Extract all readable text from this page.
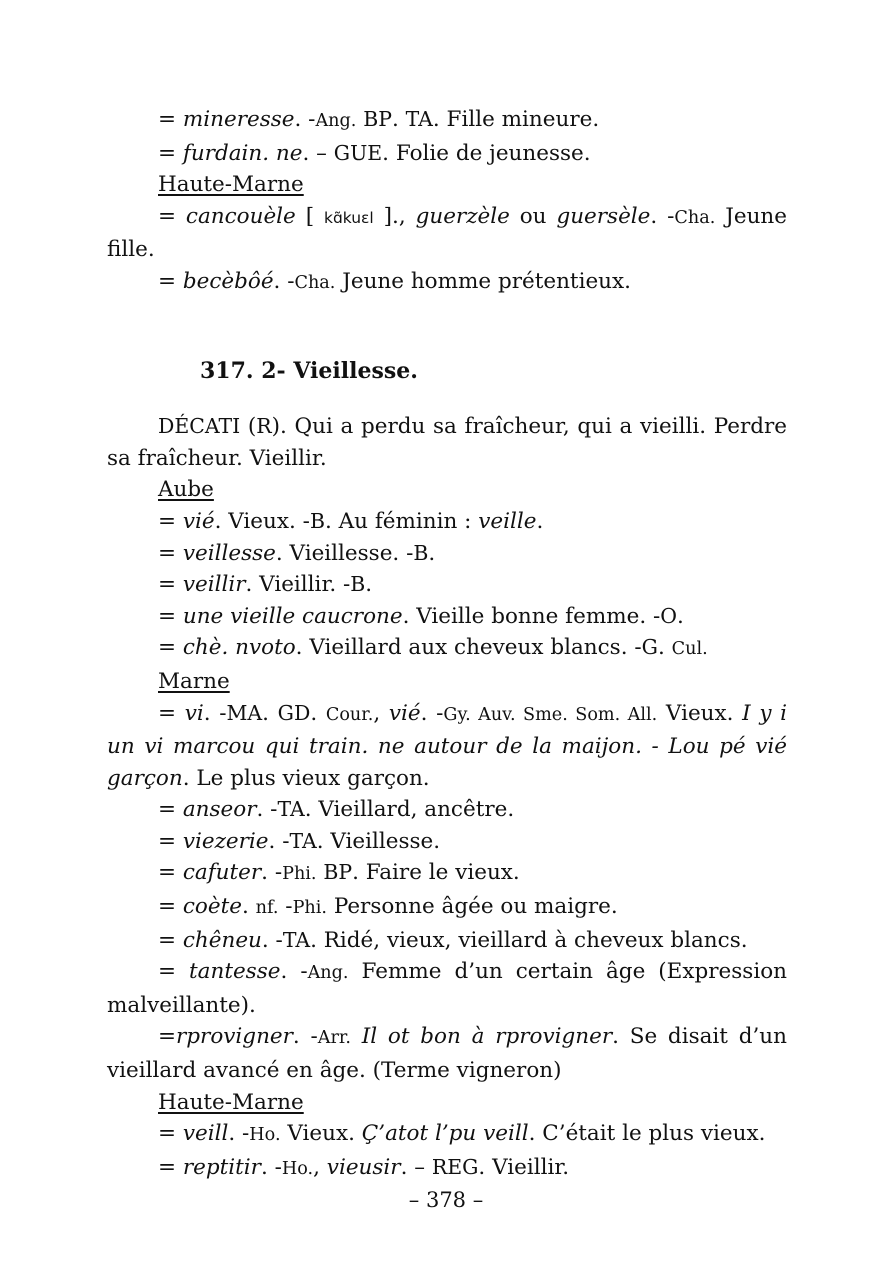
= mineresse. -Ang. BP. TA. Fille mineure.

= furdain. ne. – GUE. Folie de jeunesse.

Haute-Marne

= cancouèle [ kɑ̃kuɛl ]., guerzèle ou guersèle. -Cha. Jeune fille.

= becèbôé. -Cha. Jeune homme prétentieux.

317. 2- Vieillesse.

DÉCATI (R). Qui a perdu sa fraîcheur, qui a vieilli. Perdre sa fraîcheur. Vieillir.

Aube

= vié. Vieux. -B. Au féminin : veille.

= veillesse. Vieillesse. -B.

= veillir. Vieillir. -B.

= une vieille caucrone. Vieille bonne femme. -O.

= chè. nvoto. Vieillard aux cheveux blancs. -G. Cul.

Marne

= vi. -MA. GD. Cour., vié. -Gy. Auv. Sme. Som. All. Vieux. I y i un vi marcou qui train. ne autour de la maijon. - Lou pé vié garçon. Le plus vieux garçon.

= anseor. -TA. Vieillard, ancêtre.

= viezerie. -TA. Vieillesse.

= cafuter. -Phi. BP. Faire le vieux.

= coète. nf. -Phi. Personne âgée ou maigre.

= chêneu. -TA. Ridé, vieux, vieillard à cheveux blancs.

= tantesse. -Ang. Femme d’un certain âge (Expression malveillante).

=rprovigner. -Arr. Il ot bon à rprovigner. Se disait d’un vieillard avancé en âge. (Terme vigneron)

Haute-Marne

= veill. -Ho. Vieux. Ç’atot l’pu veill. C’était le plus vieux.

= reptitir. -Ho., vieusir. – REG. Vieillir.

– 378 –
